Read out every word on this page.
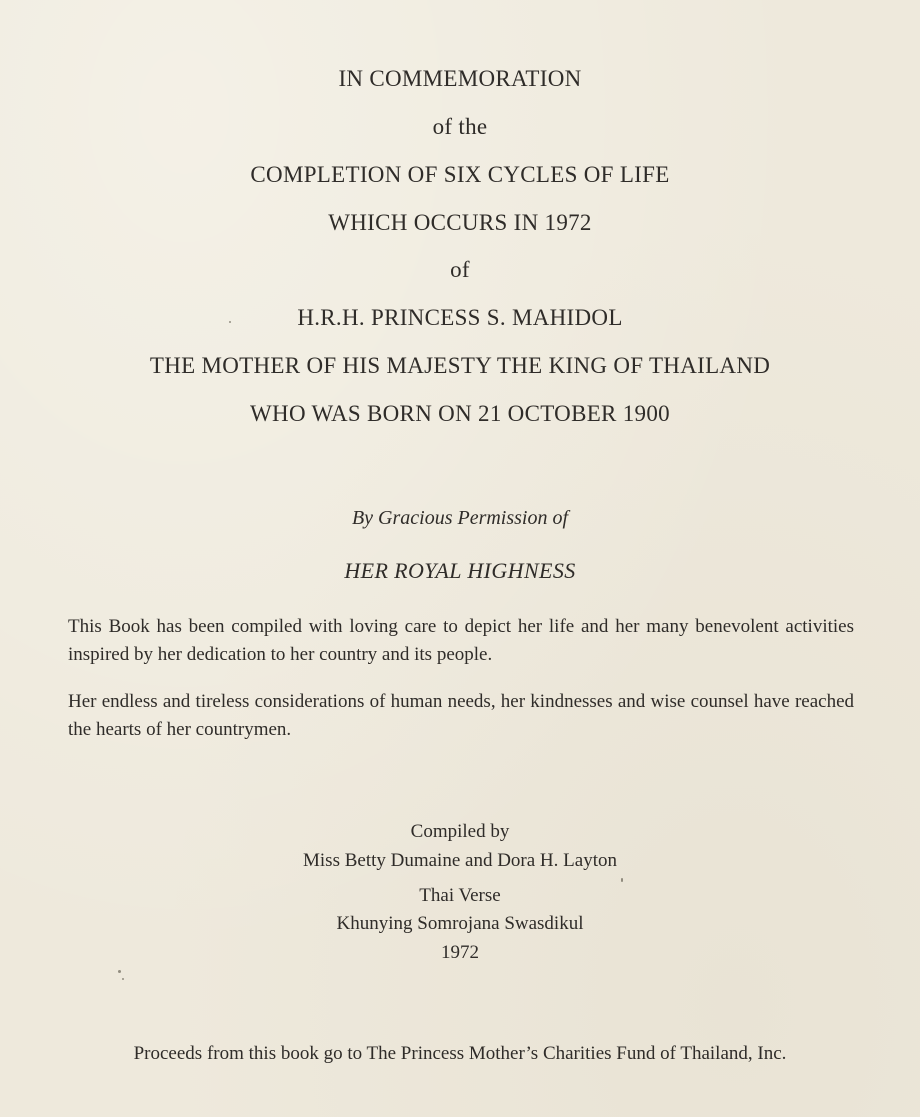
IN COMMEMORATION
of the
COMPLETION OF SIX CYCLES OF LIFE
WHICH OCCURS IN 1972
of
H.R.H. PRINCESS S. MAHIDOL
THE MOTHER OF HIS MAJESTY THE KING OF THAILAND
WHO WAS BORN ON 21 OCTOBER 1900
By Gracious Permission of
HER ROYAL HIGHNESS
This Book has been compiled with loving care to depict her life and her many benevolent activities inspired by her dedication to her country and its people.
Her endless and tireless considerations of human needs, her kindnesses and wise counsel have reached the hearts of her countrymen.
Compiled by
Miss Betty Dumaine and Dora H. Layton
Thai Verse
Khunying Somrojana Swasdikul
1972
Proceeds from this book go to The Princess Mother’s Charities Fund of Thailand, Inc.
